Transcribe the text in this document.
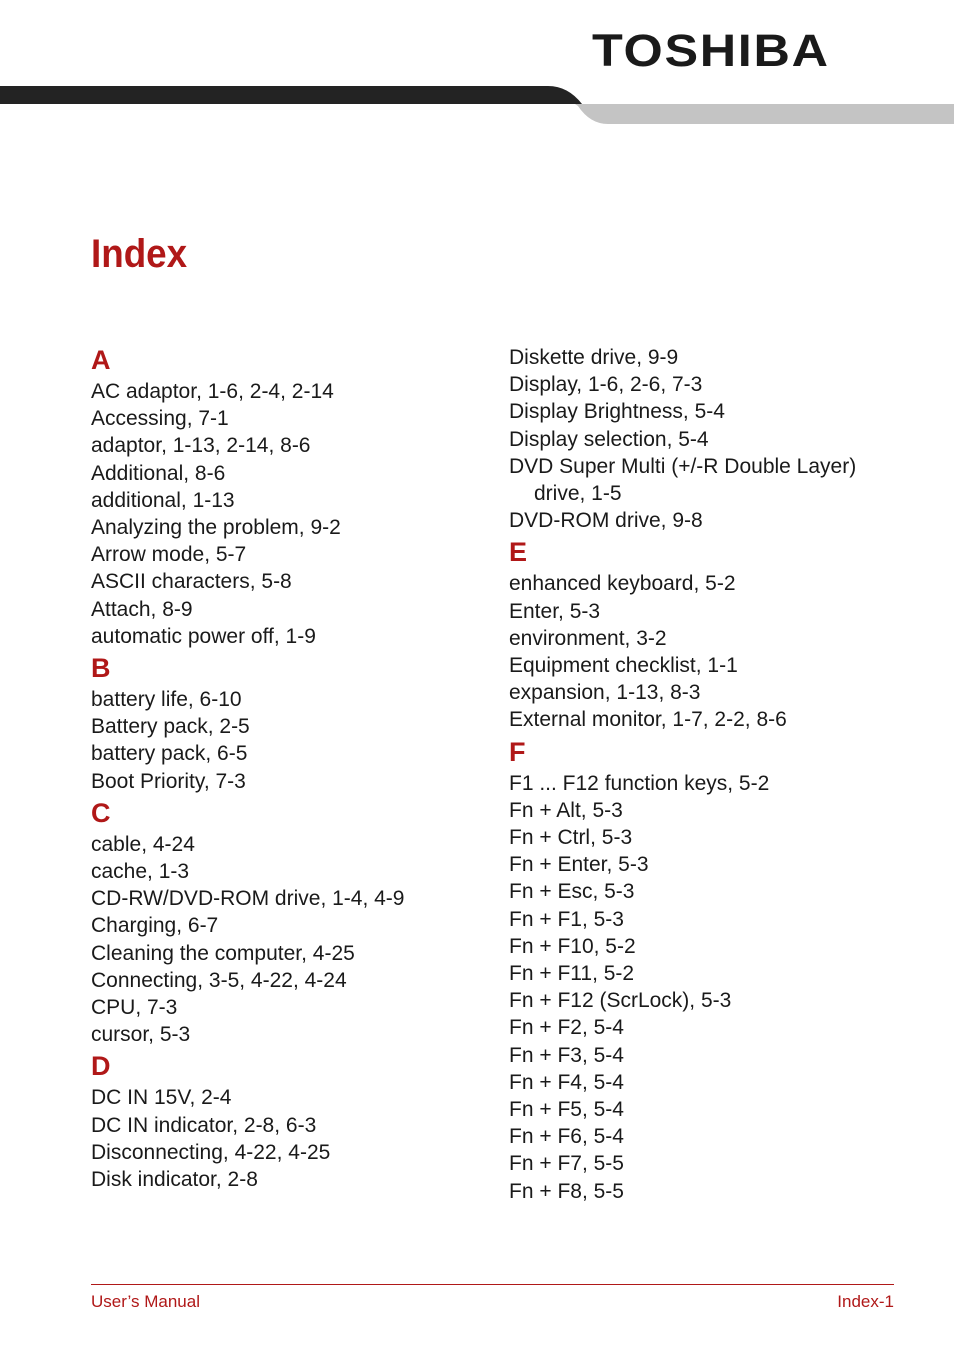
TOSHIBA
Index

A

AC adaptor, 1-6, 2-4, 2-14

Accessing, 7-1

adaptor, 1-13, 2-14, 8-6

Additional, 8-6

additional, 1-13

Analyzing the problem, 9-2

Arrow mode, 5-7

ASCII characters, 5-8

Attach, 8-9

automatic power off, 1-9

B

battery life, 6-10

Battery pack, 2-5

battery pack, 6-5

Boot Priority, 7-3

C

cable, 4-24

cache, 1-3

CD-RW/DVD-ROM drive, 1-4, 4-9

Charging, 6-7

Cleaning the computer, 4-25

Connecting, 3-5, 4-22, 4-24

CPU, 7-3

cursor, 5-3

D

DC IN 15V, 2-4

DC IN indicator, 2-8, 6-3

Disconnecting, 4-22, 4-25

Disk indicator, 2-8

Diskette drive, 9-9

Display, 1-6, 2-6, 7-3

Display Brightness, 5-4

Display selection, 5-4

DVD Super Multi (+/-R Double Layer)
drive, 1-5

DVD-ROM drive, 9-8

E

enhanced keyboard, 5-2

Enter, 5-3

environment, 3-2

Equipment checklist, 1-1

expansion, 1-13, 8-3

External monitor, 1-7, 2-2, 8-6

F

F1 ... F12 function keys, 5-2

Fn + Alt, 5-3

Fn + Ctrl, 5-3

Fn + Enter, 5-3

Fn + Esc, 5-3

Fn + F1, 5-3

Fn + F10, 5-2

Fn + F11, 5-2

Fn + F12 (ScrLock), 5-3

Fn + F2, 5-4

Fn + F3, 5-4

Fn + F4, 5-4

Fn + F5, 5-4

Fn + F6, 5-4

Fn + F7, 5-5

Fn + F8, 5-5

User’s Manual	Index-1
